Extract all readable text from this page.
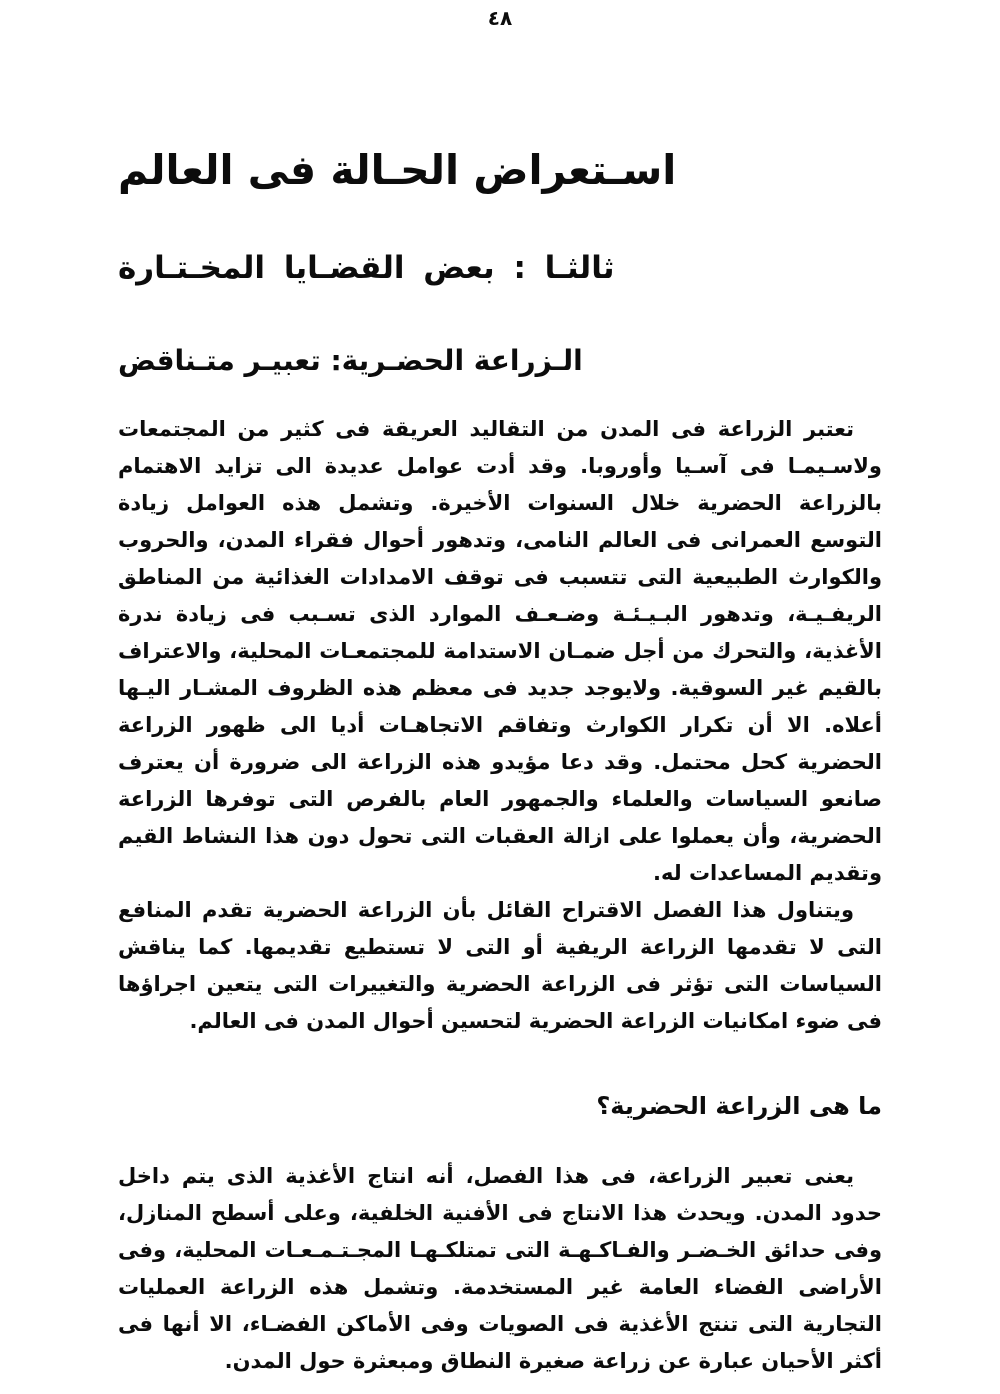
٤٨
اسـتعراض الحـالة فى العالم
ثالثـا : بعض القضـايا المخـتـارة
الـزراعة الحضـرية: تعبيـر متـناقض

تعتبر الزراعة فى المدن من التقاليد العريقة فى كثير من المجتمعات ولاسـيمـا فى آسـيا وأوروبا. وقد أدت عوامل عديدة الى تزايد الاهتمام بالزراعة الحضرية خلال السنوات الأخيرة. وتشمل هذه العوامل زيادة التوسع العمرانى فى العالم النامى، وتدهور أحوال فقراء المدن، والحروب والكوارث الطبيعية التى تتسبب فى توقف الامدادات الغذائية من المناطق الريفـيـة، وتدهور البـيـئـة وضـعـف الموارد الذى تسـبب فى زيادة ندرة الأغذية، والتحرك من أجل ضمـان الاستدامة للمجتمعـات المحلية، والاعتراف بالقيم غير السوقية. ولايوجد جديد فى معظم هذه الظروف المشـار اليـها أعلاه. الا أن تكرار الكوارث وتفاقم الاتجاهـات أديا الى ظهور الزراعة الحضرية كحل محتمل. وقد دعا مؤيدو هذه الزراعة الى ضرورة أن يعترف صانعو السياسات والعلماء والجمهور العام بالفرص التى توفرها الزراعة الحضرية، وأن يعملوا على ازالة العقبات التى تحول دون هذا النشاط القيم وتقديم المساعدات له.

ويتناول هذا الفصل الاقتراح القائل بأن الزراعة الحضرية تقدم المنافع التى لا تقدمها الزراعة الريفية أو التى لا تستطيع تقديمها. كما يناقش السياسات التى تؤثر فى الزراعة الحضرية والتغييرات التى يتعين اجراؤها فى ضوء امكانيات الزراعة الحضرية لتحسين أحوال المدن فى العالم.

ما هى الزراعة الحضرية؟

يعنى تعبير الزراعة، فى هذا الفصل، أنه انتاج الأغذية الذى يتم داخل حدود المدن. ويحدث هذا الانتاج فى الأفنية الخلفية، وعلى أسطح المنازل، وفى حدائق الخـضـر والفـاكـهـة التى تمتلكـهـا المجـتـمـعـات المحلية، وفى الأراضى الفضاء العامة غير المستخدمة. وتشمل هذه الزراعة العمليات التجارية التى تنتج الأغذية فى الصويات وفى الأماكن الفضـاء، الا أنها فى أكثر الأحيان عبارة عن زراعة صغيرة النطاق ومبعثرة حول المدن.
